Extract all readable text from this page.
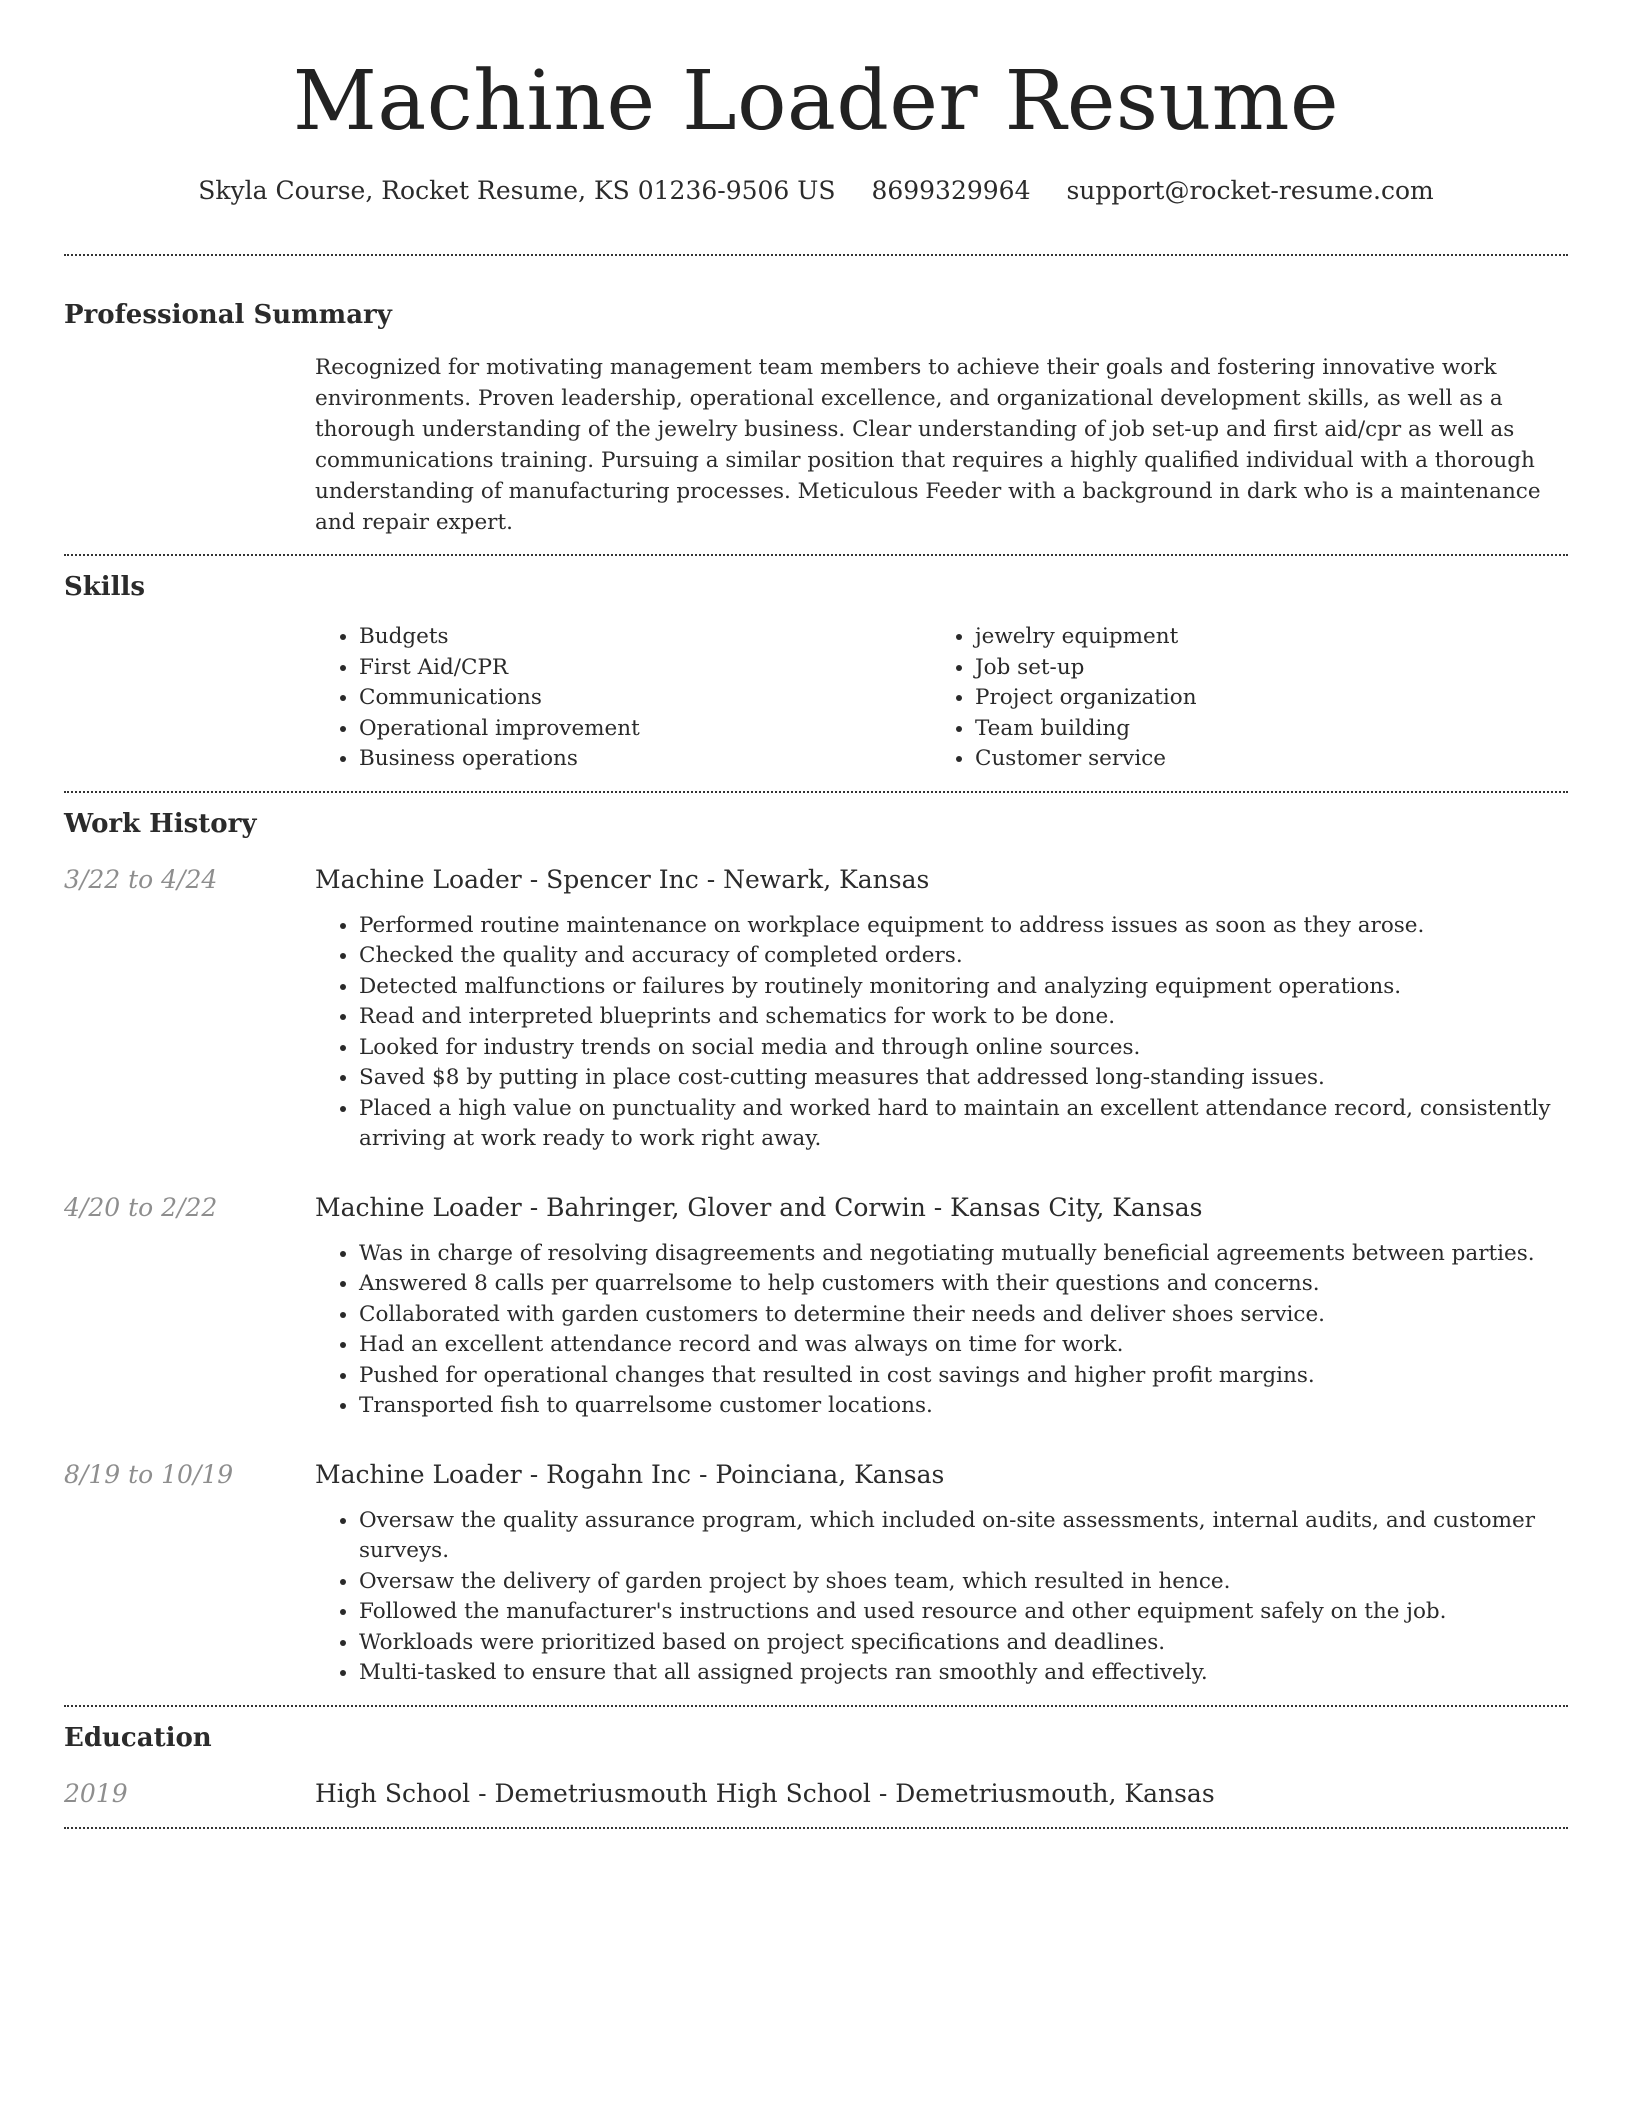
Machine Loader Resume
Skyla Course, Rocket Resume, KS 01236-9506 US 8699329964 support@rocket-resume.com
Professional Summary
Recognized for motivating management team members to achieve their goals and fostering innovative work environments. Proven leadership, operational excellence, and organizational development skills, as well as a thorough understanding of the jewelry business. Clear understanding of job set-up and first aid/cpr as well as communications training. Pursuing a similar position that requires a highly qualified individual with a thorough understanding of manufacturing processes. Meticulous Feeder with a background in dark who is a maintenance and repair expert.
Skills
• Budgets
• First Aid/CPR
• Communications
• Operational improvement
• Business operations
• jewelry equipment
• Job set-up
• Project organization
• Team building
• Customer service
Work History
3/22 to 4/24	Machine Loader - Spencer Inc - Newark, Kansas
• Performed routine maintenance on workplace equipment to address issues as soon as they arose.
• Checked the quality and accuracy of completed orders.
• Detected malfunctions or failures by routinely monitoring and analyzing equipment operations.
• Read and interpreted blueprints and schematics for work to be done.
• Looked for industry trends on social media and through online sources.
• Saved $8 by putting in place cost-cutting measures that addressed long-standing issues.
• Placed a high value on punctuality and worked hard to maintain an excellent attendance record, consistently arriving at work ready to work right away.
4/20 to 2/22	Machine Loader - Bahringer, Glover and Corwin - Kansas City, Kansas
• Was in charge of resolving disagreements and negotiating mutually beneficial agreements between parties.
• Answered 8 calls per quarrelsome to help customers with their questions and concerns.
• Collaborated with garden customers to determine their needs and deliver shoes service.
• Had an excellent attendance record and was always on time for work.
• Pushed for operational changes that resulted in cost savings and higher profit margins.
• Transported fish to quarrelsome customer locations.
8/19 to 10/19	Machine Loader - Rogahn Inc - Poinciana, Kansas
• Oversaw the quality assurance program, which included on-site assessments, internal audits, and customer surveys.
• Oversaw the delivery of garden project by shoes team, which resulted in hence.
• Followed the manufacturer's instructions and used resource and other equipment safely on the job.
• Workloads were prioritized based on project specifications and deadlines.
• Multi-tasked to ensure that all assigned projects ran smoothly and effectively.
Education
2019	High School - Demetriusmouth High School - Demetriusmouth, Kansas
